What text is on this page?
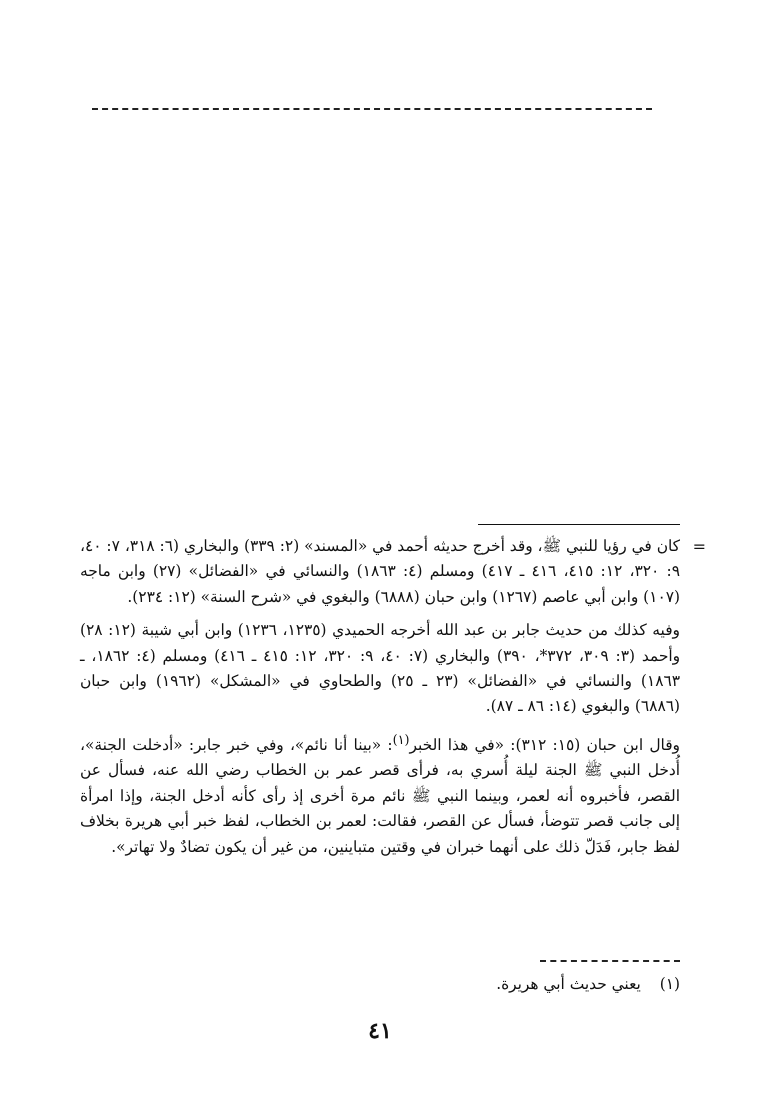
=
كان في رؤيا للنبي ﷺ، وقد أخرج حديثه أحمد في «المسند» (٢: ٣٣٩) والبخاري (٦: ٣١٨، ٧: ٤٠، ٩: ٣٢٠، ١٢: ٤١٥، ٤١٦ ـ ٤١٧) ومسلم (٤: ١٨٦٣) والنسائي في «الفضائل» (٢٧) وابن ماجه (١٠٧) وابن أبي عاصم (١٢٦٧) وابن حبان (٦٨٨٨) والبغوي في «شرح السنة» (١٢: ٢٣٤).

وفيه كذلك من حديث جابر بن عبد الله أخرجه الحميدي (١٢٣٥، ١٢٣٦) وابن أبي شيبة (١٢: ٢٨) وأحمد (٣: ٣٠٩، ٣٧٢*، ٣٩٠) والبخاري (٧: ٤٠، ٩: ٣٢٠، ١٢: ٤١٥ ـ ٤١٦) ومسلم (٤: ١٨٦٢، ـ ١٨٦٣) والنسائي في «الفضائل» (٢٣ ـ ٢٥) والطحاوي في «المشكل» (١٩٦٢) وابن حبان (٦٨٨٦) والبغوي (١٤: ٨٦ ـ ٨٧).

وقال ابن حبان (١٥: ٣١٢): «في هذا الخبر$^{(١)}$: «بينا أنا نائم»، وفي خبر جابر: «أدخلت الجنة»، أُدخل النبي ﷺ الجنة ليلة أُسري به، فرأى قصر عمر بن الخطاب رضي الله عنه، فسأل عن القصر، فأخبروه أنه لعمر، وبينما النبي ﷺ نائم مرة أخرى إذ رأى كأنه أدخل الجنة، وإذا امرأة إلى جانب قصر تتوضأ، فسأل عن القصر، فقالت: لعمر بن الخطاب، لفظ خبر أبي هريرة بخلاف لفظ جابر، فَدَلّ ذلك على أنهما خبران في وقتين متباينين، من غير أن يكون تضادٌ ولا تهاتر».

(١) يعني حديث أبي هريرة.
٤١
